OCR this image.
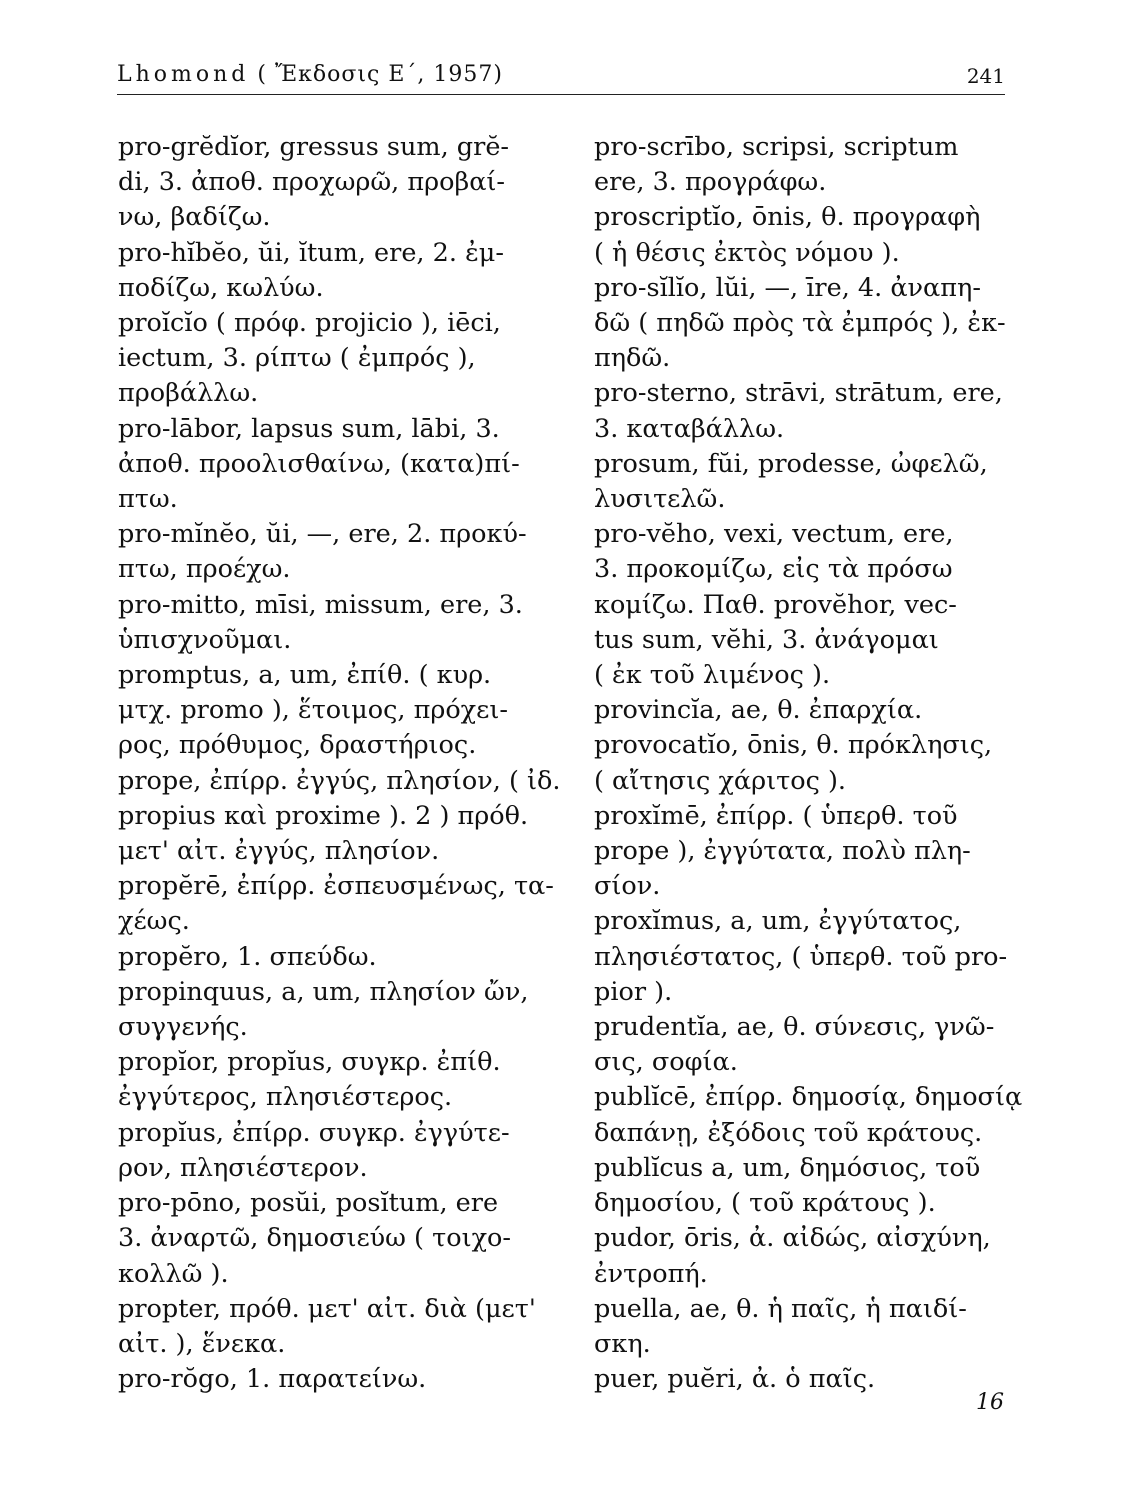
Lhomond ( Ἔκδοσις Ε΄, 1957)	241
pro-grĕdĭor, gressus sum, grĕ-
di, 3. ἀποθ. προχωρῶ, προβαί-
νω, βαδίζω.
pro-hĭbĕo, ŭi, ĭtum, ere, 2. ἐμ-
ποδίζω, κωλύω.
proĭcĭo ( πρόφ. projicio ), iēci,
iectum, 3. ρίπτω ( ἐμπρός ),
προβάλλω.
pro-lābor, lapsus sum, lābi, 3.
ἀποθ. προολισθαίνω, (κατα)πί-
πτω.
pro-mĭnĕo, ŭi, —, ere, 2. προκύ-
πτω, προέχω.
pro-mitto, mīsi, missum, ere, 3.
ὑπισχνοῦμαι.
promptus, a, um, ἐπίθ. ( κυρ.
μτχ. promo ), ἕτοιμος, πρόχει-
ρος, πρόθυμος, δραστήριος.
prope, ἐπίρρ. ἐγγύς, πλησίον, ( ἰδ.
propius καὶ proxime ). 2 ) πρόθ.
μετ' αἰτ. ἐγγύς, πλησίον.
propĕrē, ἐπίρρ. ἐσπευσμένως, τα-
χέως.
propĕro, 1. σπεύδω.
propinquus, a, um, πλησίον ὤν,
συγγενής.
propĭor, propĭus, συγκρ. ἐπίθ.
ἐγγύτερος, πλησιέστερος.
propĭus, ἐπίρρ. συγκρ. ἐγγύτε-
ρον, πλησιέστερον.
pro-pōno, posŭi, posĭtum, ere
3. ἀναρτῶ, δημοσιεύω ( τοιχο-
κολλῶ ).
propter, πρόθ. μετ' αἰτ. διὰ (μετ'
αἰτ. ), ἕνεκα.
pro-rŏgo, 1. παρατείνω.
pro-scrībo, scripsi, scriptum
ere, 3. προγράφω.
proscriptĭo, ōnis, θ. προγραφὴ
( ἡ θέσις ἐκτὸς νόμου ).
pro-sĭlĭo, lŭi, —, īre, 4. ἀναπη-
δῶ ( πηδῶ πρὸς τὰ ἐμπρός ), ἐκ-
πηδῶ.
pro-sterno, strāvi, strātum, ere,
3. καταβάλλω.
prosum, fŭi, prodesse, ὠφελῶ,
λυσιτελῶ.
pro-vĕho, vexi, vectum, ere,
3. προκομίζω, εἰς τὰ πρόσω
κομίζω. Παθ. provĕhor, vec-
tus sum, vĕhi, 3. ἀνάγομαι
( ἐκ τοῦ λιμένος ).
provincĭa, ae, θ. ἐπαρχία.
provocatĭo, ōnis, θ. πρόκλησις,
( αἴτησις χάριτος ).
proxĭmē, ἐπίρρ. ( ὑπερθ. τοῦ
prope ), ἐγγύτατα, πολὺ πλη-
σίον.
proxĭmus, a, um, ἐγγύτατος,
πλησιέστατος, ( ὑπερθ. τοῦ pro-
pior ).
prudentĭa, ae, θ. σύνεσις, γνῶ-
σις, σοφία.
publĭcē, ἐπίρρ. δημοσίᾳ, δημοσίᾳ
δαπάνῃ, ἐξόδοις τοῦ κράτους.
publĭcus a, um, δημόσιος, τοῦ
δημοσίου, ( τοῦ κράτους ).
pudor, ōris, ἀ. αἰδώς, αἰσχύνη,
ἐντροπή.
puella, ae, θ. ἡ παῖς, ἡ παιδί-
σκη.
puer, puĕri, ἀ. ὁ παῖς.
16
